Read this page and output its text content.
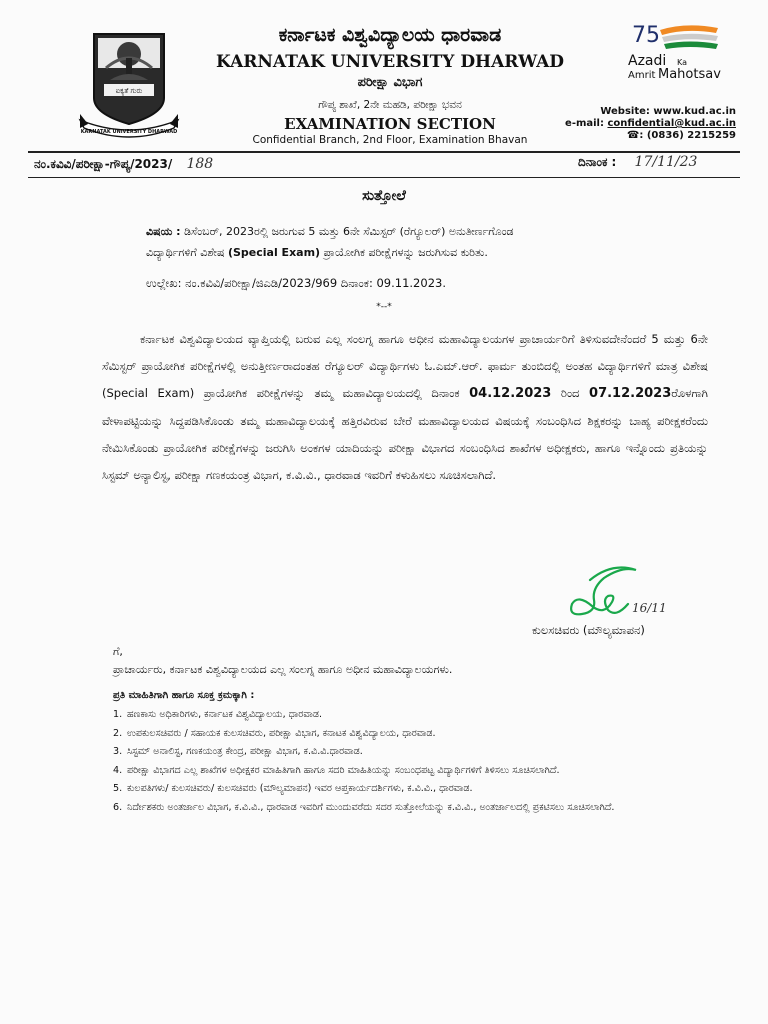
ಐಕ್ಯತೆ ಗುರು
KARNATAK UNIVERSITY DHARWAD
ಕರ್ನಾಟಕ ವಿಶ್ವವಿದ್ಯಾಲಯ ಧಾರವಾಡ
KARNATAK UNIVERSITY DHARWAD
ಪರೀಕ್ಷಾ ವಿಭಾಗ
ಗೌಪ್ಯ ಶಾಖೆ, 2ನೇ ಮಹಡಿ, ಪರೀಕ್ಷಾ ಭವನ
EXAMINATION SECTION
Confidential Branch, 2nd Floor, Examination Bhavan
75
Azadi Ka
Amrit Mahotsav
Website: www.kud.ac.in
e-mail: confidential@kud.ac.in
☎: (0836) 2215259
ನಂ.ಕವಿವಿ/ಪರೀಕ್ಷಾ-ಗೌಪ್ಯ/2023/ 188	ದಿನಾಂಕ : 17/11/23
ಸುತ್ತೋಲೆ
ವಿಷಯ : ಡಿಸೆಂಬರ್, 2023ರಲ್ಲಿ ಜರುಗುವ 5 ಮತ್ತು 6ನೇ ಸೆಮಿಸ್ಟರ್ (ರೆಗ್ಯೂಲರ್) ಅನುತೀರ್ಣಗೊಂಡ
ವಿದ್ಯಾರ್ಥಿಗಳಿಗೆ ವಿಶೇಷ (Special Exam) ಪ್ರಾಯೋಗಿಕ ಪರೀಕ್ಷೆಗಳನ್ನು ಜರುಗಿಸುವ ಕುರಿತು.
ಉಲ್ಲೇಖ: ನಂ.ಕವಿವಿ/ಪರೀಕ್ಷಾ/ಜಿಎಡಿ/2023/969 ದಿನಾಂಕ: 09.11.2023.
*--*
ಕರ್ನಾಟಕ ವಿಶ್ವವಿದ್ಯಾಲಯದ ವ್ಯಾಪ್ತಿಯಲ್ಲಿ ಬರುವ ಎಲ್ಲ ಸಂಲಗ್ನ ಹಾಗೂ ಅಧೀನ ಮಹಾವಿದ್ಯಾಲಯಗಳ ಪ್ರಾಚಾರ್ಯರಿಗೆ ತಿಳಿಸುವದೇನೆಂದರೆ 5 ಮತ್ತು 6ನೇ ಸೆಮಿಸ್ಟರ್ ಪ್ರಾಯೋಗಿಕ ಪರೀಕ್ಷೆಗಳಲ್ಲಿ ಅನುತ್ತೀರ್ಣರಾದಂತಹ ರೆಗ್ಯೂಲರ್ ವಿದ್ಯಾರ್ಥಿಗಳು ಓ.ಎಮ್.ಆರ್. ಫಾರ್ಮ ತುಂಬಿದಲ್ಲಿ ಅಂತಹ ವಿದ್ಯಾರ್ಥಿಗಳಿಗೆ ಮಾತ್ರ ವಿಶೇಷ (Special Exam) ಪ್ರಾಯೋಗಿಕ ಪರೀಕ್ಷೆಗಳನ್ನು ತಮ್ಮ ಮಹಾವಿದ್ಯಾಲಯದಲ್ಲಿ ದಿನಾಂಕ 04.12.2023 ರಿಂದ 07.12.2023ರೊಳಗಾಗಿ ವೇಳಾಪಟ್ಟಿಯನ್ನು ಸಿದ್ದಪಡಿಸಿಕೊಂಡು ತಮ್ಮ ಮಹಾವಿದ್ಯಾಲಯಕ್ಕೆ ಹತ್ತಿರವಿರುವ ಬೇರೆ ಮಹಾವಿದ್ಯಾಲಯದ ವಿಷಯಕ್ಕೆ ಸಂಬಂಧಿಸಿದ ಶಿಕ್ಷಕರನ್ನು ಬಾಹ್ಯ ಪರೀಕ್ಷಕರೆಂದು ನೇಮಿಸಿಕೊಂಡು ಪ್ರಾಯೋಗಿಕ ಪರೀಕ್ಷೆಗಳನ್ನು ಜರುಗಿಸಿ ಅಂಕಗಳ ಯಾದಿಯನ್ನು ಪರೀಕ್ಷಾ ವಿಭಾಗದ ಸಂಬಂಧಿಸಿದ ಶಾಖೆಗಳ ಅಧೀಕ್ಷಕರು, ಹಾಗೂ ಇನ್ನೊಂದು ಪ್ರತಿಯನ್ನು ಸಿಸ್ಟಮ್ ಅನ್ಯಾಲಿಸ್ಟ, ಪರೀಕ್ಷಾ ಗಣಕಯಂತ್ರ ವಿಭಾಗ, ಕ.ವಿ.ವಿ., ಧಾರವಾಡ ಇವರಿಗೆ ಕಳುಹಿಸಲು ಸೂಚಿಸಲಾಗಿದೆ.
16/11
ಕುಲಸಚಿವರು (ಮೌಲ್ಯಮಾಪನ)
ಗೆ,
ಪ್ರಾಚಾರ್ಯರು, ಕರ್ನಾಟಕ ವಿಶ್ವವಿದ್ಯಾಲಯದ ಎಲ್ಲ ಸಂಲಗ್ನ ಹಾಗೂ ಅಧೀನ ಮಹಾವಿದ್ಯಾಲಯಗಳು.
ಪ್ರತಿ ಮಾಹಿತಿಗಾಗಿ ಹಾಗೂ ಸೂಕ್ತ ಕ್ರಮಕ್ಕಾಗಿ :
1. ಹಣಕಾಸು ಅಧಿಕಾರಿಗಳು, ಕರ್ನಾಟಕ ವಿಶ್ವವಿದ್ಯಾಲಯ, ಧಾರವಾಡ.
2. ಉಪಕುಲಸಚಿವರು / ಸಹಾಯಕ ಕುಲಸಚಿವರು, ಪರೀಕ್ಷಾ ವಿಭಾಗ, ಕನಾಟಕ ವಿಶ್ವವಿದ್ಯಾಲಯ, ಧಾರವಾಡ.
3. ಸಿಸ್ಟಮ್ ಅನಾಲಿಸ್ಟ, ಗಣಕಯಂತ್ರ ಕೇಂದ್ರ, ಪರೀಕ್ಷಾ ವಿಭಾಗ, ಕ.ವಿ.ವಿ.ಧಾರವಾಡ.
4. ಪರೀಕ್ಷಾ ವಿಭಾಗದ ಎಲ್ಲ ಶಾಖೆಗಳ ಅಧೀಕ್ಷಕರ ಮಾಹಿತಿಗಾಗಿ ಹಾಗೂ ಸದರಿ ಮಾಹಿತಿಯನ್ನು ಸಂಬಂಧಪಟ್ಟ ವಿದ್ಯಾರ್ಥಿಗಳಿಗೆ ತಿಳಿಸಲು ಸೂಚಿಸಲಾಗಿದೆ.
5. ಕುಲಪತಿಗಳು/ ಕುಲಸಚಿವರು/ ಕುಲಸಚಿವರು (ಮೌಲ್ಯಮಾಪನ) ಇವರ ಆಪ್ತಕಾರ್ಯದರ್ಶಿಗಳು, ಕ.ವಿ.ವಿ., ಧಾರವಾಡ.
6. ನಿರ್ದೇಶಕರು ಅಂತರ್ಜಾಲ ವಿಭಾಗ, ಕ.ವಿ.ವಿ., ಧಾರವಾಡ ಇವರಿಗೆ ಮುಂದುವರೆದು ಸದರ ಸುತ್ತೋಲೆಯನ್ನು ಕ.ವಿ.ವಿ., ಅಂತರ್ಜಾಲದಲ್ಲಿ ಪ್ರಕಟಿಸಲು ಸೂಚಿಸಲಾಗಿದೆ.
